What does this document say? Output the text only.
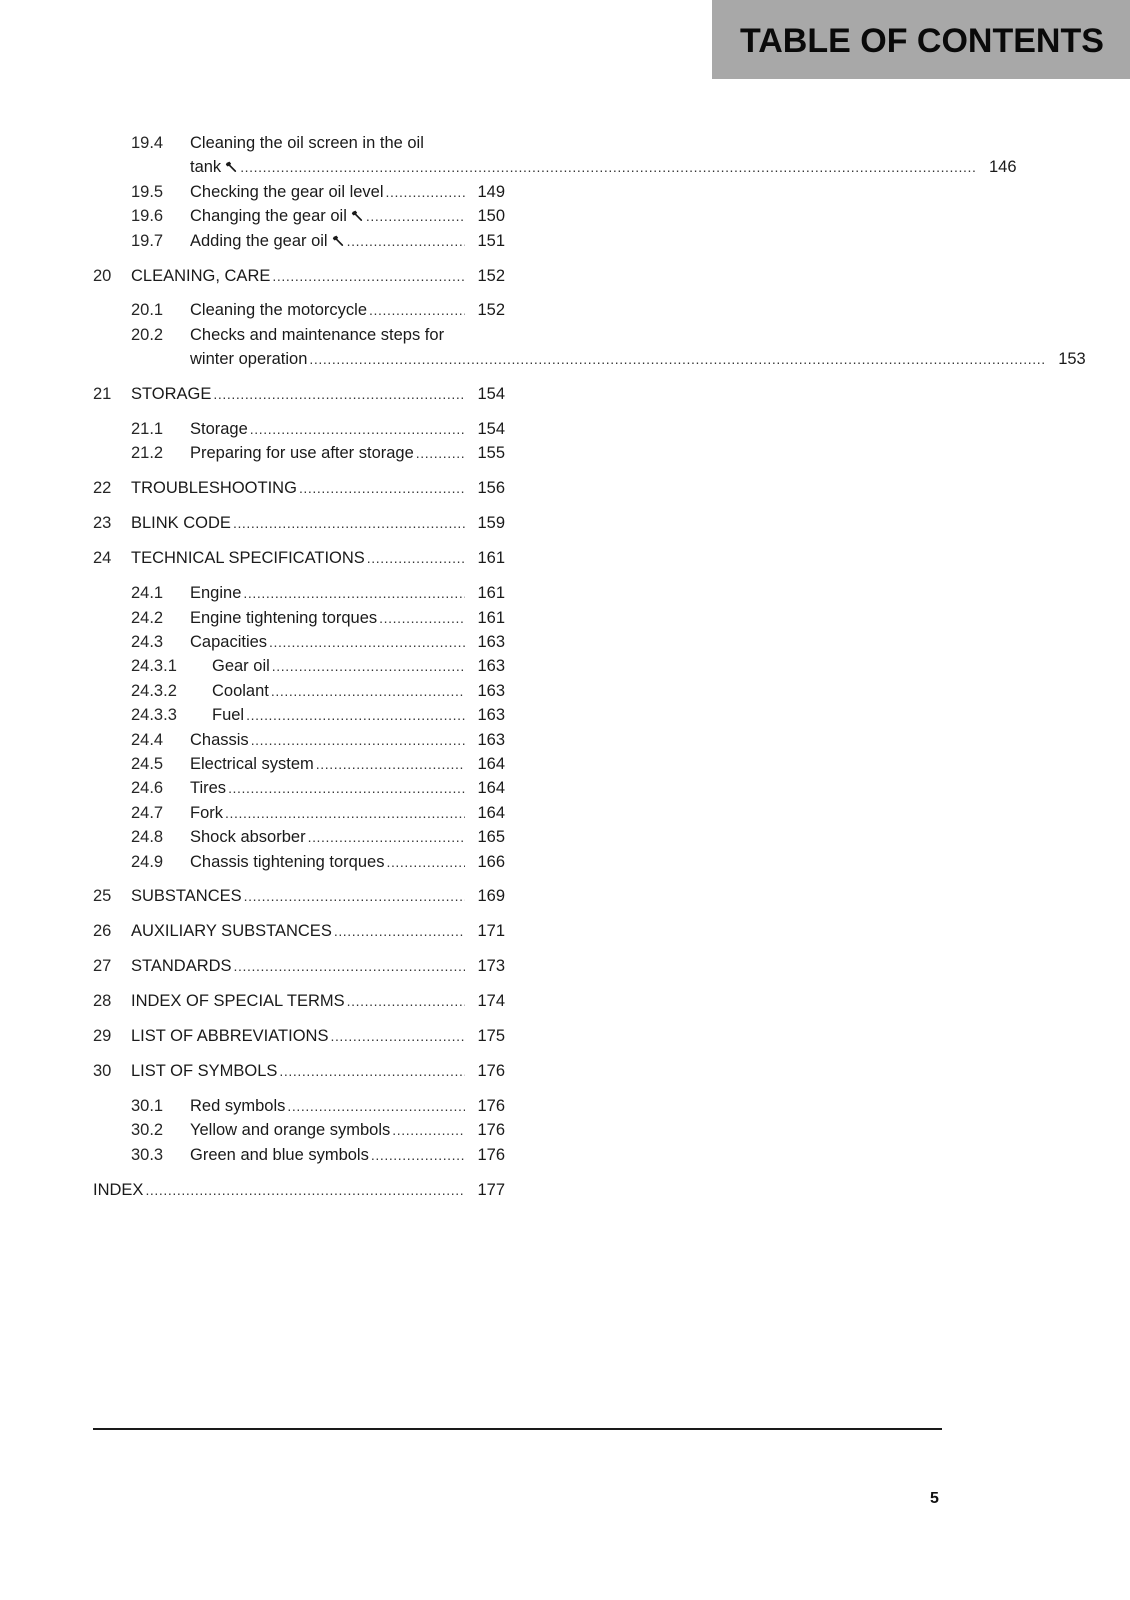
TABLE OF CONTENTS
19.4	Cleaning the oil screen in the oil
tank .....	146
19.5	Checking the gear oil level .....	149
19.6	Changing the gear oil .....	150
19.7	Adding the gear oil .....	151
20	CLEANING, CARE .....	152
20.1	Cleaning the motorcycle .....	152
20.2	Checks and maintenance steps for
winter operation .....	153
21	STORAGE .....	154
21.1	Storage .....	154
21.2	Preparing for use after storage .....	155
22	TROUBLESHOOTING .....	156
23	BLINK CODE .....	159
24	TECHNICAL SPECIFICATIONS .....	161
24.1	Engine .....	161
24.2	Engine tightening torques .....	161
24.3	Capacities .....	163
24.3.1	Gear oil .....	163
24.3.2	Coolant .....	163
24.3.3	Fuel .....	163
24.4	Chassis .....	163
24.5	Electrical system .....	164
24.6	Tires .....	164
24.7	Fork .....	164
24.8	Shock absorber .....	165
24.9	Chassis tightening torques .....	166
25	SUBSTANCES .....	169
26	AUXILIARY SUBSTANCES .....	171
27	STANDARDS .....	173
28	INDEX OF SPECIAL TERMS .....	174
29	LIST OF ABBREVIATIONS .....	175
30	LIST OF SYMBOLS .....	176
30.1	Red symbols .....	176
30.2	Yellow and orange symbols .....	176
30.3	Green and blue symbols .....	176
INDEX .....	177
5
